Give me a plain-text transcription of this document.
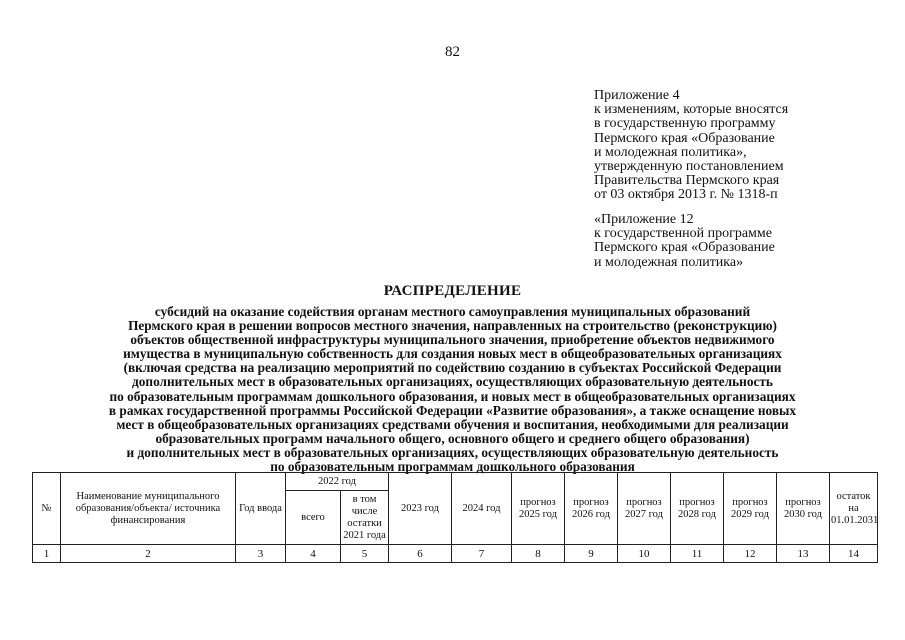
82
Приложение 4
к изменениям, которые вносятся
в государственную программу
Пермского края «Образование
и молодежная политика»,
утвержденную постановлением
Правительства Пермского края
от 03 октября 2013 г. № 1318-п
«Приложение 12
к государственной программе
Пермского края «Образование
и молодежная политика»
РАСПРЕДЕЛЕНИЕ
субсидий на оказание содействия органам местного самоуправления муниципальных образований
Пермского края в решении вопросов местного значения, направленных на строительство (реконструкцию)
объектов общественной инфраструктуры муниципального значения, приобретение объектов недвижимого
имущества в муниципальную собственность для создания новых мест в общеобразовательных организациях
(включая средства на реализацию мероприятий по содействию созданию в субъектах Российской Федерации
дополнительных мест в образовательных организациях, осуществляющих образовательную деятельность
по образовательным программам дошкольного образования, и новых мест в общеобразовательных организациях
в рамках государственной программы Российской Федерации «Развитие образования», а также оснащение новых
мест в общеобразовательных организациях средствами обучения и воспитания, необходимыми для реализации
образовательных программ начального общего, основного общего и среднего общего образования)
и дополнительных мест в образовательных организациях, осуществляющих образовательную деятельность
по образовательным программам дошкольного образования
№	Наименование муниципального образования/объекта/ источника финансирования	Год ввода	2022 год		2023 год	2024 год	прогноз 2025 год	прогноз 2026 год	прогноз 2027 год	прогноз 2028 год	прогноз 2029 год	прогноз 2030 год	остаток на 01.01.2031
			всего	в том числе остатки 2021 года									
1	2	3	4	5	6	7	8	9	10	11	12	13	14
